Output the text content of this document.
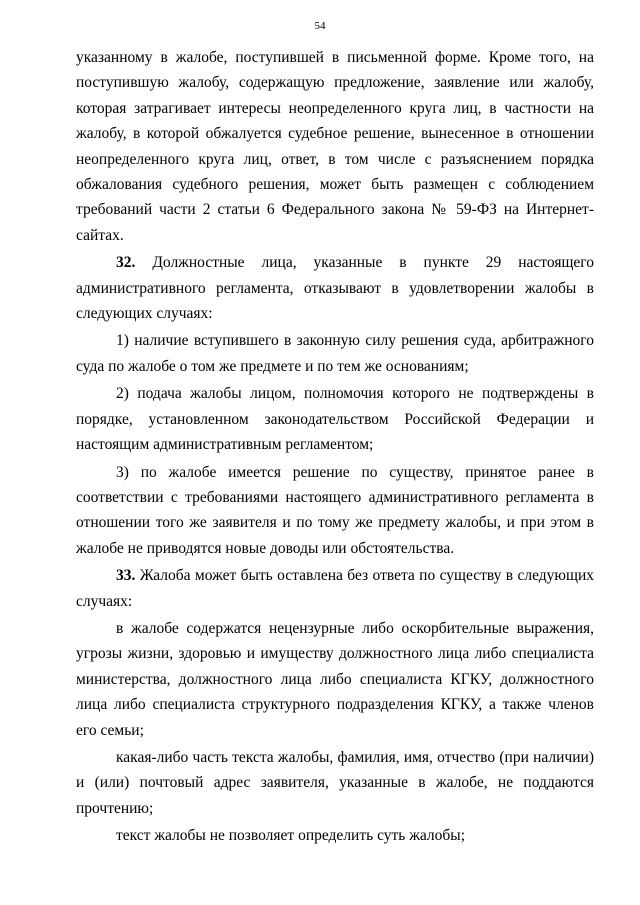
54

указанному в жалобе, поступившей в письменной форме. Кроме того, на поступившую жалобу, содержащую предложение, заявление или жалобу, которая затрагивает интересы неопределенного круга лиц, в частности на жалобу, в которой обжалуется судебное решение, вынесенное в отношении неопределенного круга лиц, ответ, в том числе с разъяснением порядка обжалования судебного решения, может быть размещен с соблюдением требований части 2 статьи 6 Федерального закона № 59-ФЗ на Интернет-сайтах.

32. Должностные лица, указанные в пункте 29 настоящего административного регламента, отказывают в удовлетворении жалобы в следующих случаях:

1) наличие вступившего в законную силу решения суда, арбитражного суда по жалобе о том же предмете и по тем же основаниям;

2) подача жалобы лицом, полномочия которого не подтверждены в порядке, установленном законодательством Российской Федерации и настоящим административным регламентом;

3) по жалобе имеется решение по существу, принятое ранее в соответствии с требованиями настоящего административного регламента в отношении того же заявителя и по тому же предмету жалобы, и при этом в жалобе не приводятся новые доводы или обстоятельства.

33. Жалоба может быть оставлена без ответа по существу в следующих случаях:

в жалобе содержатся нецензурные либо оскорбительные выражения, угрозы жизни, здоровью и имуществу должностного лица либо специалиста министерства, должностного лица либо специалиста КГКУ, должностного лица либо специалиста структурного подразделения КГКУ, а также членов его семьи;

какая-либо часть текста жалобы, фамилия, имя, отчество (при наличии) и (или) почтовый адрес заявителя, указанные в жалобе, не поддаются прочтению;

текст жалобы не позволяет определить суть жалобы;
